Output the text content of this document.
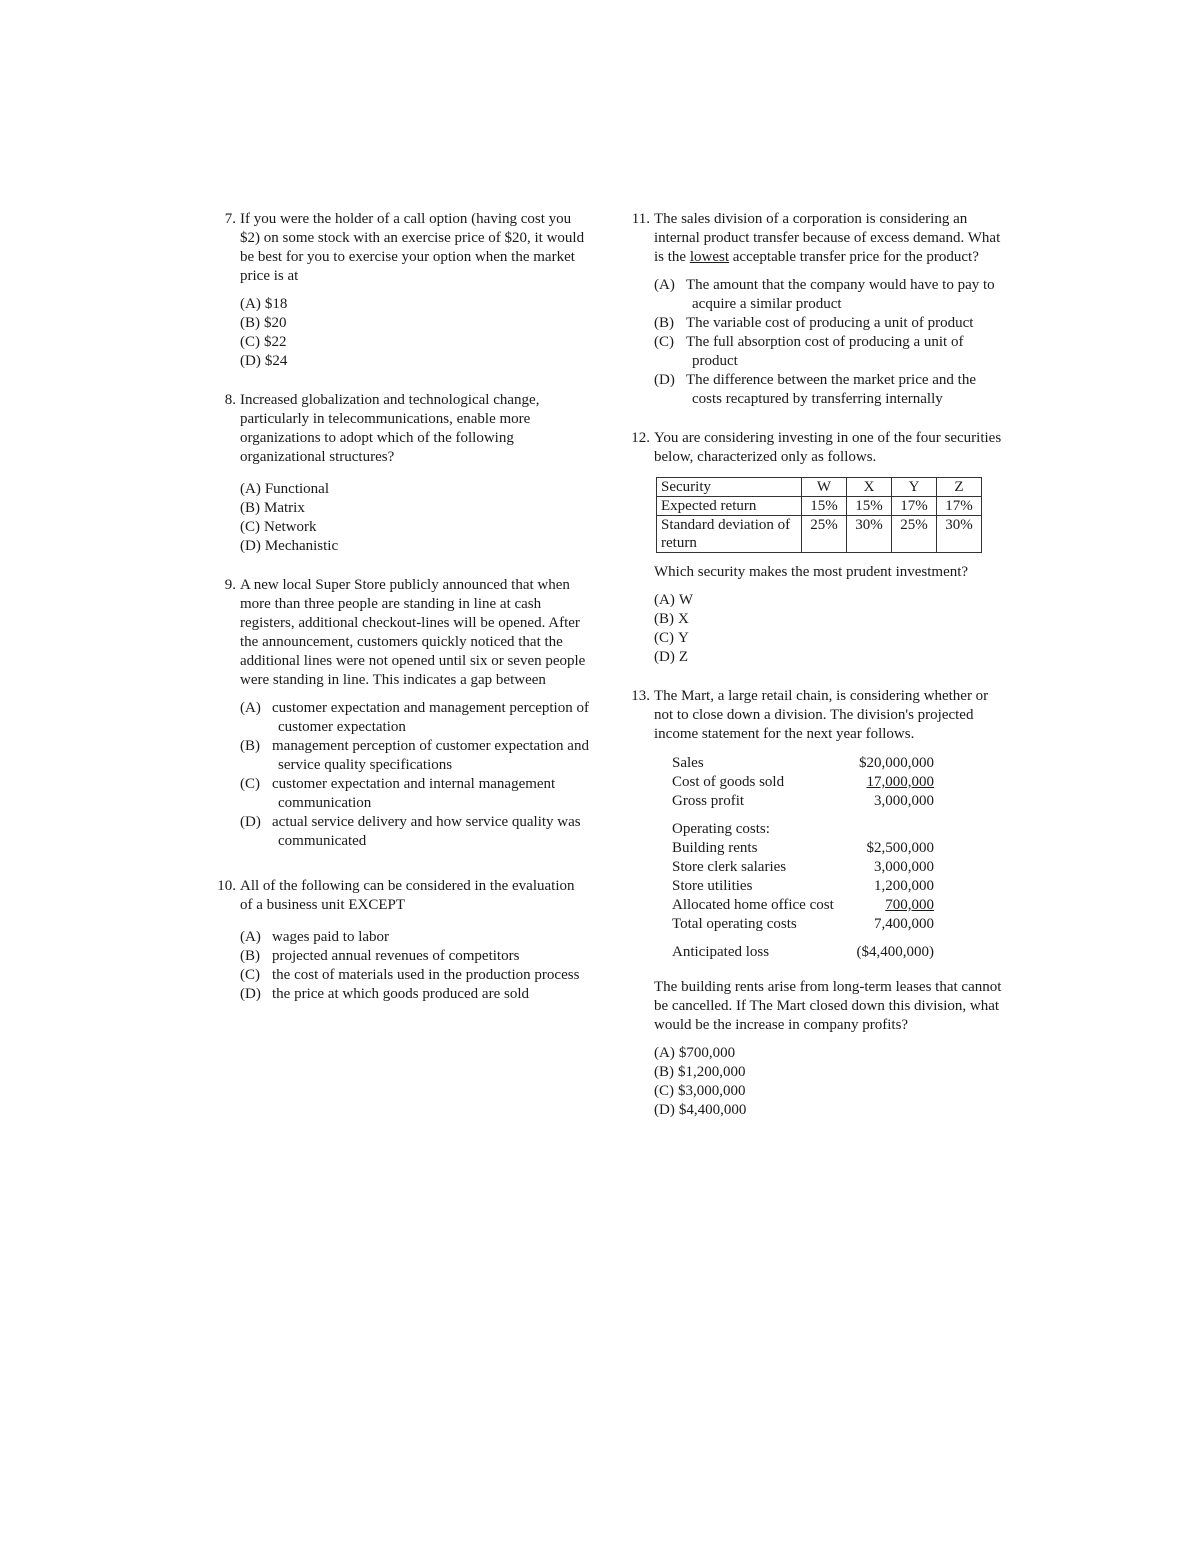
7. If you were the holder of a call option (having cost you $2) on some stock with an exercise price of $20, it would be best for you to exercise your option when the market price is at
(A) $18
(B) $20
(C) $22
(D) $24
8. Increased globalization and technological change, particularly in telecommunications, enable more organizations to adopt which of the following organizational structures?
(A) Functional
(B) Matrix
(C) Network
(D) Mechanistic
9. A new local Super Store publicly announced that when more than three people are standing in line at cash registers, additional checkout-lines will be opened. After the announcement, customers quickly noticed that the additional lines were not opened until six or seven people were standing in line. This indicates a gap between
(A) customer expectation and management perception of customer expectation
(B) management perception of customer expectation and service quality specifications
(C) customer expectation and internal management communication
(D) actual service delivery and how service quality was communicated
10. All of the following can be considered in the evaluation of a business unit EXCEPT
(A) wages paid to labor
(B) projected annual revenues of competitors
(C) the cost of materials used in the production process
(D) the price at which goods produced are sold
11. The sales division of a corporation is considering an internal product transfer because of excess demand. What is the lowest acceptable transfer price for the product?
(A) The amount that the company would have to pay to acquire a similar product
(B) The variable cost of producing a unit of product
(C) The full absorption cost of producing a unit of product
(D) The difference between the market price and the costs recaptured by transferring internally
12. You are considering investing in one of the four securities below, characterized only as follows.
Security	W	X	Y	Z
Expected return	15%	15%	17%	17%
Standard deviation of return	25%	30%	25%	30%
Which security makes the most prudent investment?
(A) W
(B) X
(C) Y
(D) Z
13. The Mart, a large retail chain, is considering whether or not to close down a division. The division's projected income statement for the next year follows.
Sales	$20,000,000
Cost of goods sold	17,000,000
Gross profit	3,000,000
Operating costs:
Building rents	$2,500,000
Store clerk salaries	3,000,000
Store utilities	1,200,000
Allocated home office cost	700,000
Total operating costs	7,400,000
Anticipated loss	($4,400,000)
The building rents arise from long-term leases that cannot be cancelled. If The Mart closed down this division, what would be the increase in company profits?
(A) $700,000
(B) $1,200,000
(C) $3,000,000
(D) $4,400,000
